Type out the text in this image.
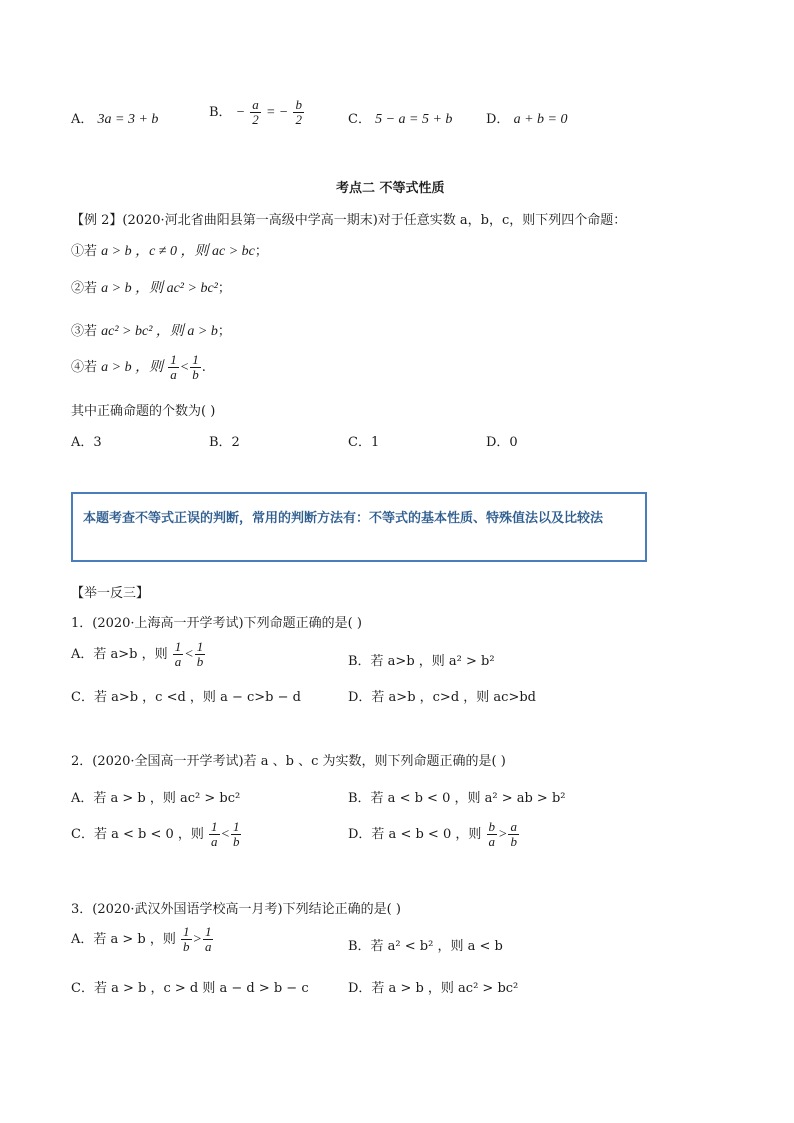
A． 3a = 3 + b	B． − $\frac{a}{2}$ = − $\frac{b}{2}$	C． 5 − a = 5 + b	D． a + b = 0
考点二 不等式性质
【例 2】(2020·河北省曲阳县第一高级中学高一期末)对于任意实数 a，b，c，则下列四个命题：
①若 a > b ，c ≠ 0 ，则 ac > bc；
②若 a > b ，则 ac² > bc²；
③若 ac² > bc² ，则 a > b；
④若 a > b ，则 $\frac{1}{a} < \frac{1}{b}$ .
其中正确命题的个数为( )
A．3	B．2	C．1	D．0
本题考查不等式正误的判断，常用的判断方法有：不等式的基本性质、特殊值法以及比较法
【举一反三】
1．(2020·上海高一开学考试)下列命题正确的是( )
A．若 a>b ，则 $\frac{1}{a} < \frac{1}{b}$	B．若 a>b ，则 a² > b²
C．若 a>b ，c <d ，则 a − c>b − d	D．若 a>b ，c>d ，则 ac>bd
2．(2020·全国高一开学考试)若 a 、b 、c 为实数，则下列命题正确的是( )
A．若 a > b ，则 ac² > bc²	B．若 a < b < 0 ，则 a² > ab > b²
C．若 a < b < 0 ，则 $\frac{1}{a} < \frac{1}{b}$	D．若 a < b < 0 ，则 $\frac{b}{a} > \frac{a}{b}$
3．(2020·武汉外国语学校高一月考)下列结论正确的是( )
A．若 a > b ，则 $\frac{1}{b} > \frac{1}{a}$	B．若 a² < b² ，则 a < b
C．若 a > b ，c > d 则 a − d > b − c	D．若 a > b ，则 ac² > bc²
